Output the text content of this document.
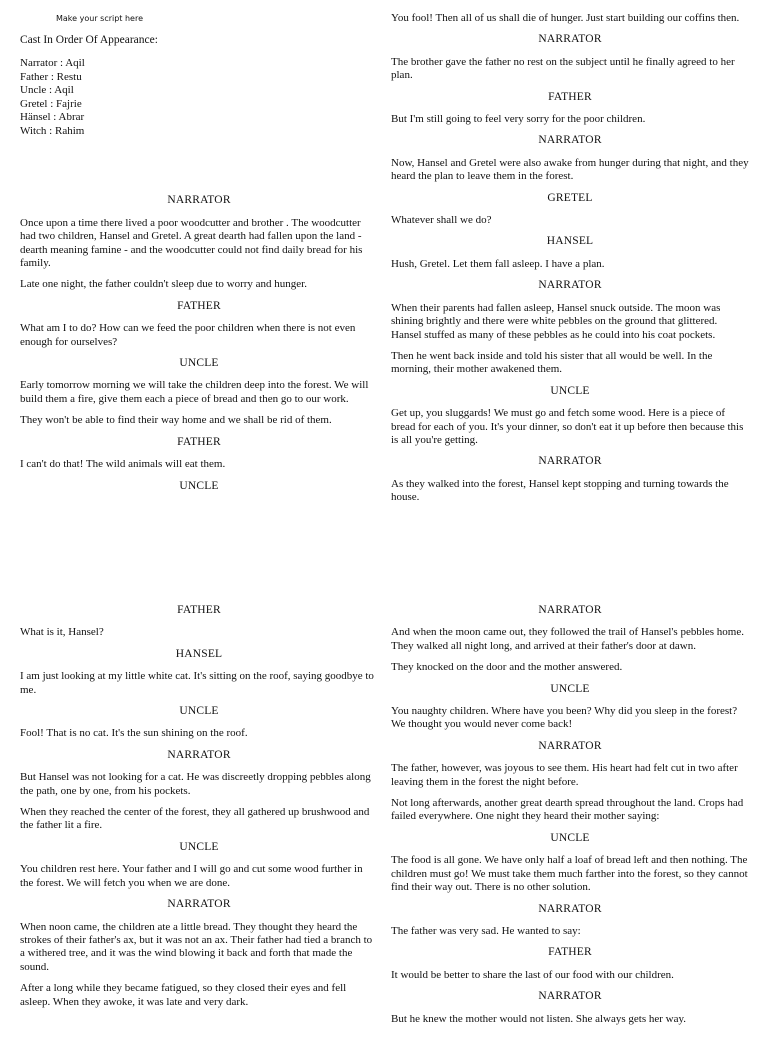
Make your script here
Cast In Order Of Appearance:
Narrator : Aqil
Father : Restu
Uncle : Aqil
Gretel : Fajrie
Hänsel : Abrar
Witch : Rahim
NARRATOR
Once upon a time there lived a poor woodcutter and brother . The woodcutter had two children, Hansel and Gretel. A great dearth had fallen upon the land - dearth meaning famine - and the woodcutter could not find daily bread for his family.
Late one night, the father couldn't sleep due to worry and hunger.
FATHER
What am I to do? How can we feed the poor children when there is not even enough for ourselves?
UNCLE
Early tomorrow morning we will take the children deep into the forest. We will build them a fire, give them each a piece of bread and then go to our work.
They won't be able to find their way home and we shall be rid of them.
FATHER
I can't do that! The wild animals will eat them.
UNCLE
You fool! Then all of us shall die of hunger. Just start building our coffins then.
NARRATOR
The brother gave the father no rest on the subject until he finally agreed to her plan.
FATHER
But I'm still going to feel very sorry for the poor children.
NARRATOR
Now, Hansel and Gretel were also awake from hunger during that night, and they heard the plan to leave them in the forest.
GRETEL
Whatever shall we do?
HANSEL
Hush, Gretel. Let them fall asleep. I have a plan.
NARRATOR
When their parents had fallen asleep, Hansel snuck outside. The moon was shining brightly and there were white pebbles on the ground that glittered. Hansel stuffed as many of these pebbles as he could into his coat pockets.
Then he went back inside and told his sister that all would be well. In the morning, their mother awakened them.
UNCLE
Get up, you sluggards! We must go and fetch some wood. Here is a piece of bread for each of you. It's your dinner, so don't eat it up before then because this is all you're getting.
NARRATOR
As they walked into the forest, Hansel kept stopping and turning towards the house.
FATHER
What is it, Hansel?
HANSEL
I am just looking at my little white cat. It's sitting on the roof, saying goodbye to me.
UNCLE
Fool! That is no cat. It's the sun shining on the roof.
NARRATOR
But Hansel was not looking for a cat. He was discreetly dropping pebbles along the path, one by one, from his pockets.
When they reached the center of the forest, they all gathered up brushwood and the father lit a fire.
UNCLE
You children rest here. Your father and I will go and cut some wood further in the forest. We will fetch you when we are done.
NARRATOR
When noon came, the children ate a little bread. They thought they heard the strokes of their father's ax, but it was not an ax. Their father had tied a branch to a withered tree, and it was the wind blowing it back and forth that made the sound.
After a long while they became fatigued, so they closed their eyes and fell asleep. When they awoke, it was late and very dark.
NARRATOR
And when the moon came out, they followed the trail of Hansel's pebbles home. They walked all night long, and arrived at their father's door at dawn.
They knocked on the door and the mother answered.
UNCLE
You naughty children. Where have you been? Why did you sleep in the forest? We thought you would never come back!
NARRATOR
The father, however, was joyous to see them. His heart had felt cut in two after leaving them in the forest the night before.
Not long afterwards, another great dearth spread throughout the land. Crops had failed everywhere. One night they heard their mother saying:
UNCLE
The food is all gone. We have only half a loaf of bread left and then nothing. The children must go! We must take them much farther into the forest, so they cannot find their way out. There is no other solution.
NARRATOR
The father was very sad. He wanted to say:
FATHER
It would be better to share the last of our food with our children.
NARRATOR
But he knew the mother would not listen. She always gets her way.
